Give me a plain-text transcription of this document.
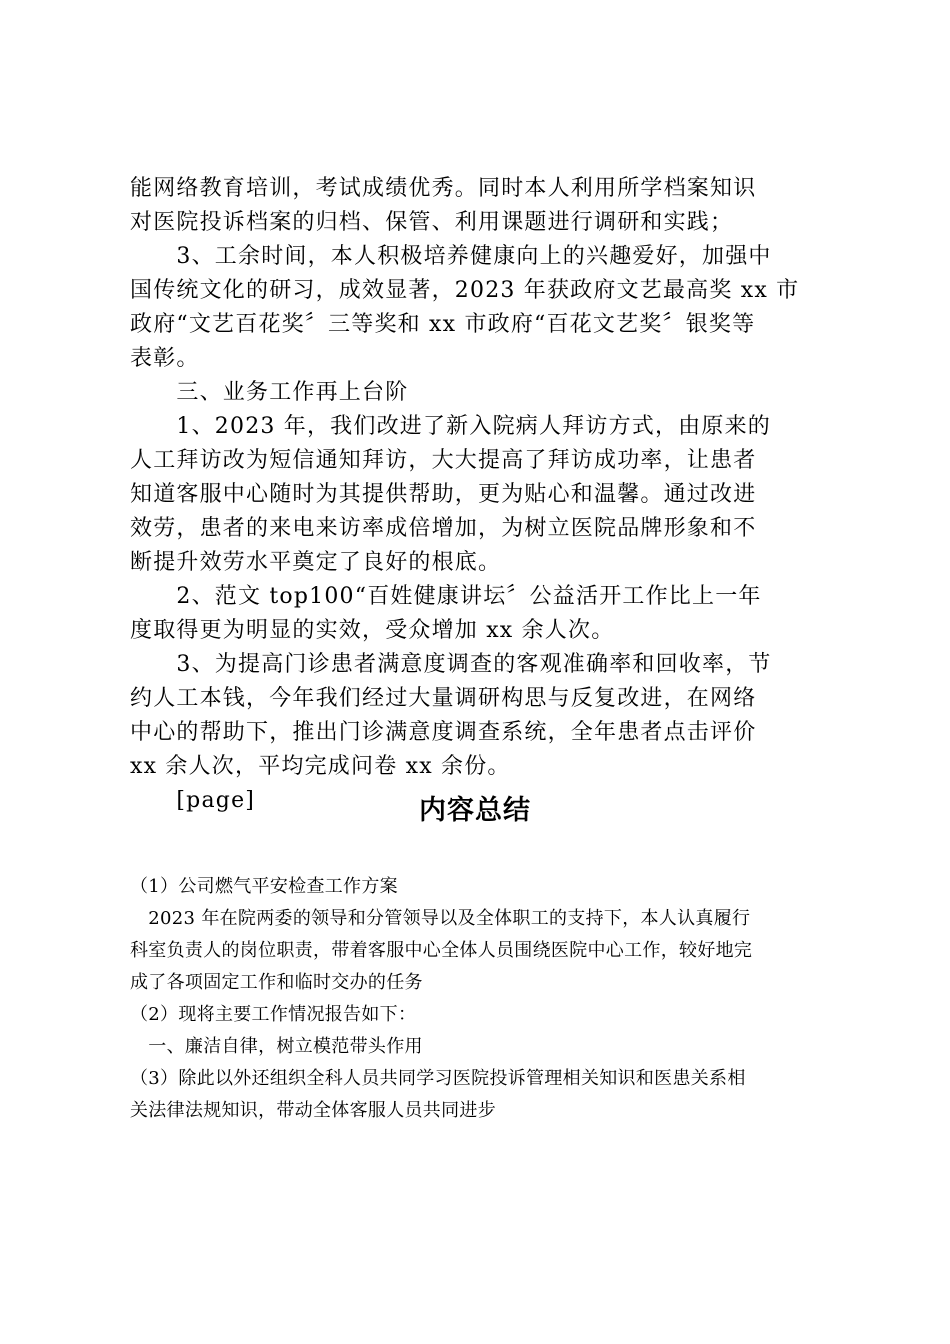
能网络教育培训，考试成绩优秀。同时本人利用所学档案知识
对医院投诉档案的归档、保管、利用课题进行调研和实践；
　　3、工余时间，本人积极培养健康向上的兴趣爱好，加强中
国传统文化的研习，成效显著，2023 年获政府文艺最高奖 xx 市
政府“文艺百花奖〞三等奖和 xx 市政府“百花文艺奖〞银奖等
表彰。
　　三、业务工作再上台阶
　　1、2023 年，我们改进了新入院病人拜访方式，由原来的
人工拜访改为短信通知拜访，大大提高了拜访成功率，让患者
知道客服中心随时为其提供帮助，更为贴心和温馨。通过改进
效劳，患者的来电来访率成倍增加，为树立医院品牌形象和不
断提升效劳水平奠定了良好的根底。
　　2、范文 top100“百姓健康讲坛〞公益活开工作比上一年
度取得更为明显的实效，受众增加 xx 余人次。
　　3、为提高门诊患者满意度调查的客观准确率和回收率，节
约人工本钱，今年我们经过大量调研构思与反复改进，在网络
中心的帮助下，推出门诊满意度调查系统，全年患者点击评价
xx 余人次，平均完成问卷 xx 余份。
　　[page]	内容总结
（1）公司燃气平安检查工作方案
　2023 年在院两委的领导和分管领导以及全体职工的支持下，本人认真履行
科室负责人的岗位职责，带着客服中心全体人员围绕医院中心工作，较好地完
成了各项固定工作和临时交办的任务
（2）现将主要工作情况报告如下：
　一、廉洁自律，树立模范带头作用
（3）除此以外还组织全科人员共同学习医院投诉管理相关知识和医患关系相
关法律法规知识，带动全体客服人员共同进步
